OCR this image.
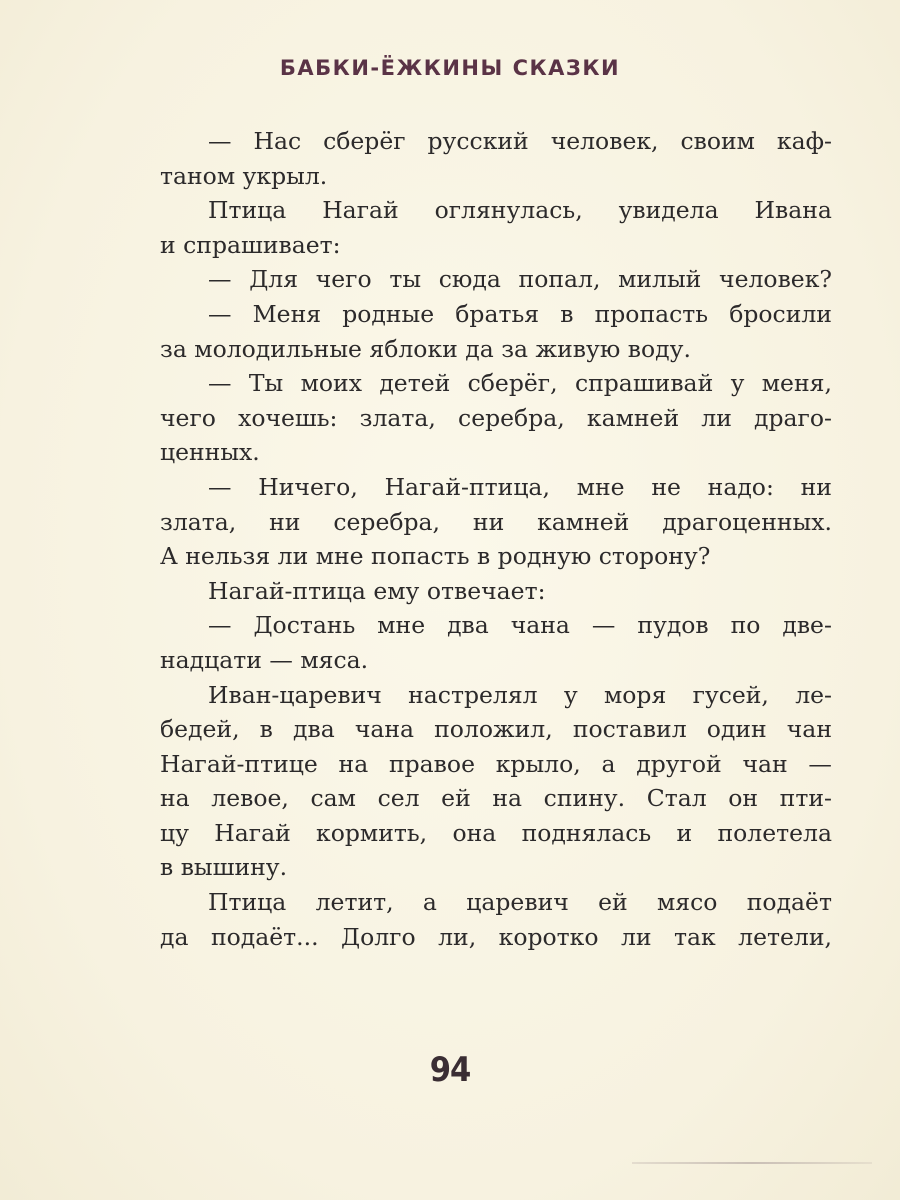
БАБКИ-ЁЖКИНЫ СКАЗКИ
— Нас сберёг русский человек, своим каф-
таном укрыл.
Птица Нагай оглянулась, увидела Ивана
и спрашивает:
— Для чего ты сюда попал, милый человек?
— Меня родные братья в пропасть бросили
за молодильные яблоки да за живую воду.
— Ты моих детей сберёг, спрашивай у меня,
чего хочешь: злата, серебра, камней ли драго-
ценных.
— Ничего, Нагай-птица, мне не надо: ни
злата, ни серебра, ни камней драгоценных.
А нельзя ли мне попасть в родную сторону?
Нагай-птица ему отвечает:
— Достань мне два чана — пудов по две-
надцати — мяса.
Иван-царевич настрелял у моря гусей, ле-
бедей, в два чана положил, поставил один чан
Нагай-птице на правое крыло, а другой чан —
на левое, сам сел ей на спину. Стал он пти-
цу Нагай кормить, она поднялась и полетела
в вышину.
Птица летит, а царевич ей мясо подаёт
да подаёт... Долго ли, коротко ли так летели,
94
